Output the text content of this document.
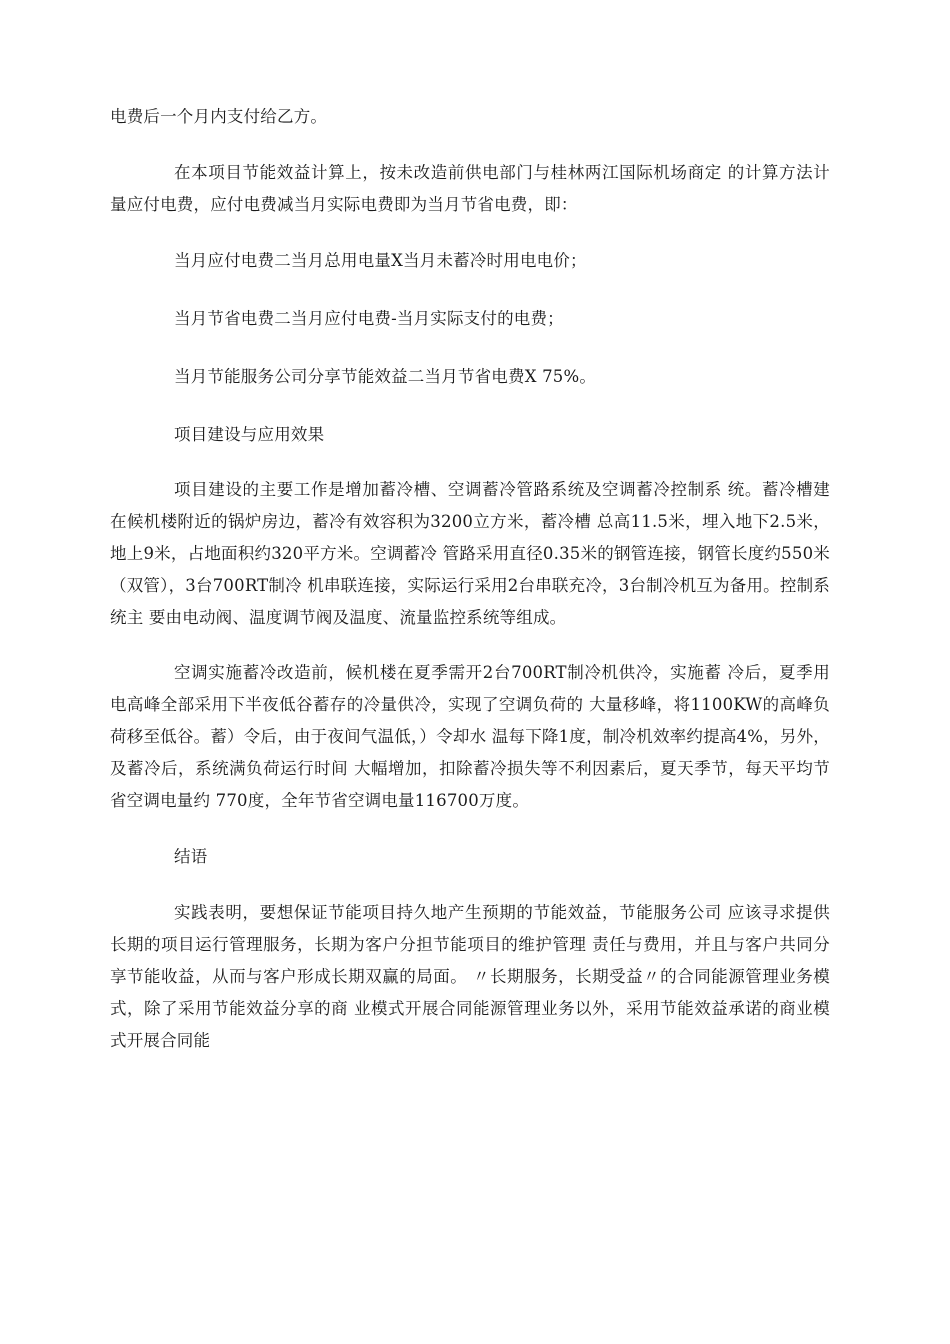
电费后一个月内支付给乙方。

在本项目节能效益计算上，按未改造前供电部门与桂林两江国际机场商定 的计算方法计量应付电费，应付电费减当月实际电费即为当月节省电费，即：

当月应付电费二当月总用电量X当月未蓄冷时用电电价；

当月节省电费二当月应付电费-当月实际支付的电费；

当月节能服务公司分享节能效益二当月节省电费X 75%。

项目建设与应用效果

项目建设的主要工作是增加蓄冷槽、空调蓄冷管路系统及空调蓄冷控制系 统。蓄冷槽建在候机楼附近的锅炉房边，蓄冷有效容积为3200立方米，蓄冷槽 总高11.5米，埋入地下2.5米，地上9米，占地面积约320平方米。空调蓄冷 管路采用直径0.35米的钢管连接，钢管长度约550米（双管），3台700RT制冷 机串联连接，实际运行采用2台串联充冷，3台制冷机互为备用。控制系统主 要由电动阀、温度调节阀及温度、流量监控系统等组成。

空调实施蓄冷改造前，候机楼在夏季需开2台700RT制冷机供冷，实施蓄 冷后，夏季用电高峰全部采用下半夜低谷蓄存的冷量供冷，实现了空调负荷的 大量移峰，将1100KW的高峰负荷移至低谷。蓄）令后，由于夜间气温低，）令却水 温每下降1度，制冷机效率约提高4%，另外，及蓄冷后，系统满负荷运行时间 大幅增加，扣除蓄冷损失等不利因素后，夏天季节，每天平均节省空调电量约 770度，全年节省空调电量116700万度。

结语

实践表明，要想保证节能项目持久地产生预期的节能效益，节能服务公司 应该寻求提供长期的项目运行管理服务，长期为客户分担节能项目的维护管理 责任与费用，并且与客户共同分享节能收益，从而与客户形成长期双赢的局面。 〃长期服务，长期受益〃的合同能源管理业务模式，除了采用节能效益分享的商 业模式开展合同能源管理业务以外，采用节能效益承诺的商业模式开展合同能
